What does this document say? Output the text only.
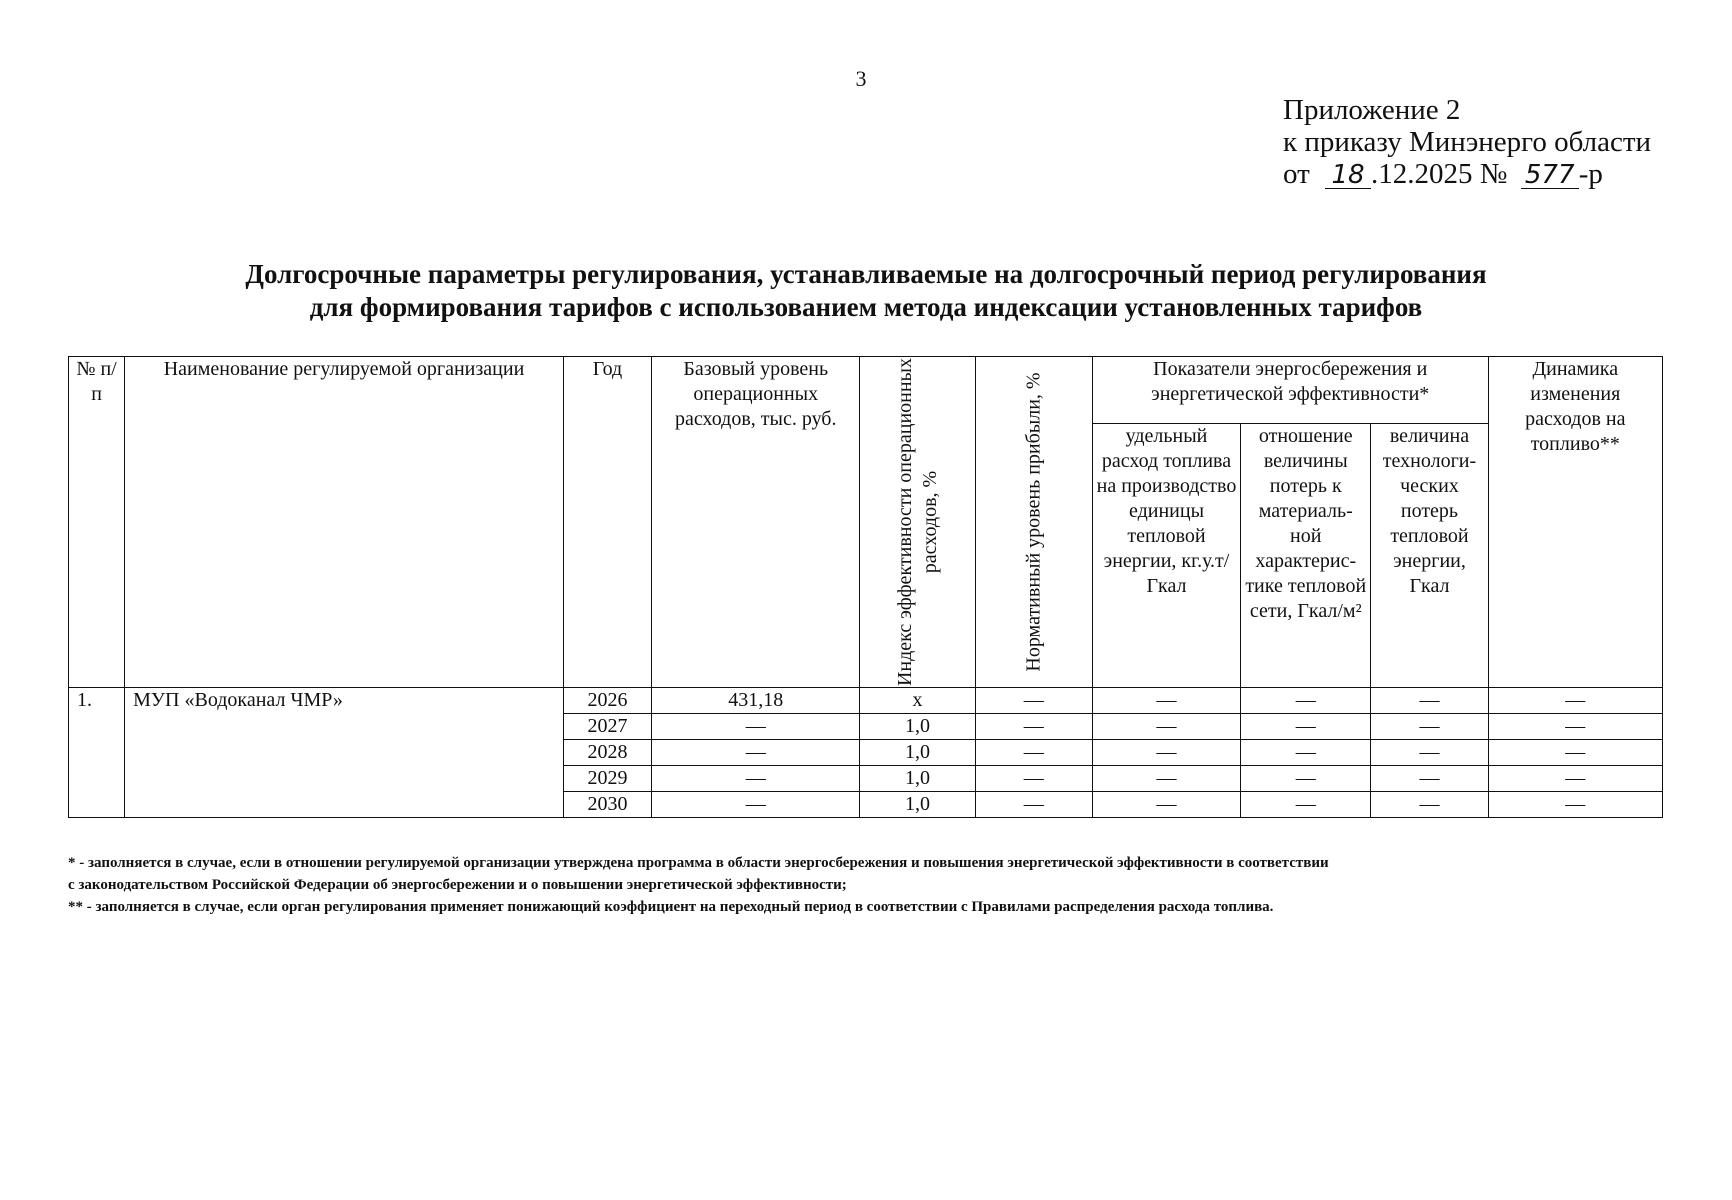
3
Приложение 2
к приказу Минэнерго области
от 18 .12.2025 № 577 -р
Долгосрочные параметры регулирования, устанавливаемые на долгосрочный период регулирования
для формирования тарифов с использованием метода индексации установленных тарифов
№ п/п	Наименование регулируемой организации	Год	Базовый уровень операционных расходов, тыс. руб.	Индекс эффективности операционных расходов, %	Нормативный уровень прибыли, %	Показатели энергосбережения и энергетической эффективности*			Динамика изменения расходов на топливо**
						удельный расход топлива на производство единицы тепловой энергии, кг.у.т/Гкал	отношение величины потерь к материаль-ной характерис-тике тепловой сети, Гкал/м²	величина технологи-ческих потерь тепловой энергии, Гкал	
1.	МУП «Водоканал ЧМР»	2026	431,18	х	—	—	—	—	—
		2027	—	1,0	—	—	—	—	—
		2028	—	1,0	—	—	—	—	—
		2029	—	1,0	—	—	—	—	—
		2030	—	1,0	—	—	—	—	—
* - заполняется в случае, если в отношении регулируемой организации утверждена программа в области энергосбережения и повышения энергетической эффективности в соответствии
с законодательством Российской Федерации об энергосбережении и о повышении энергетической эффективности;
** - заполняется в случае, если орган регулирования применяет понижающий коэффициент на переходный период в соответствии с Правилами распределения расхода топлива.
